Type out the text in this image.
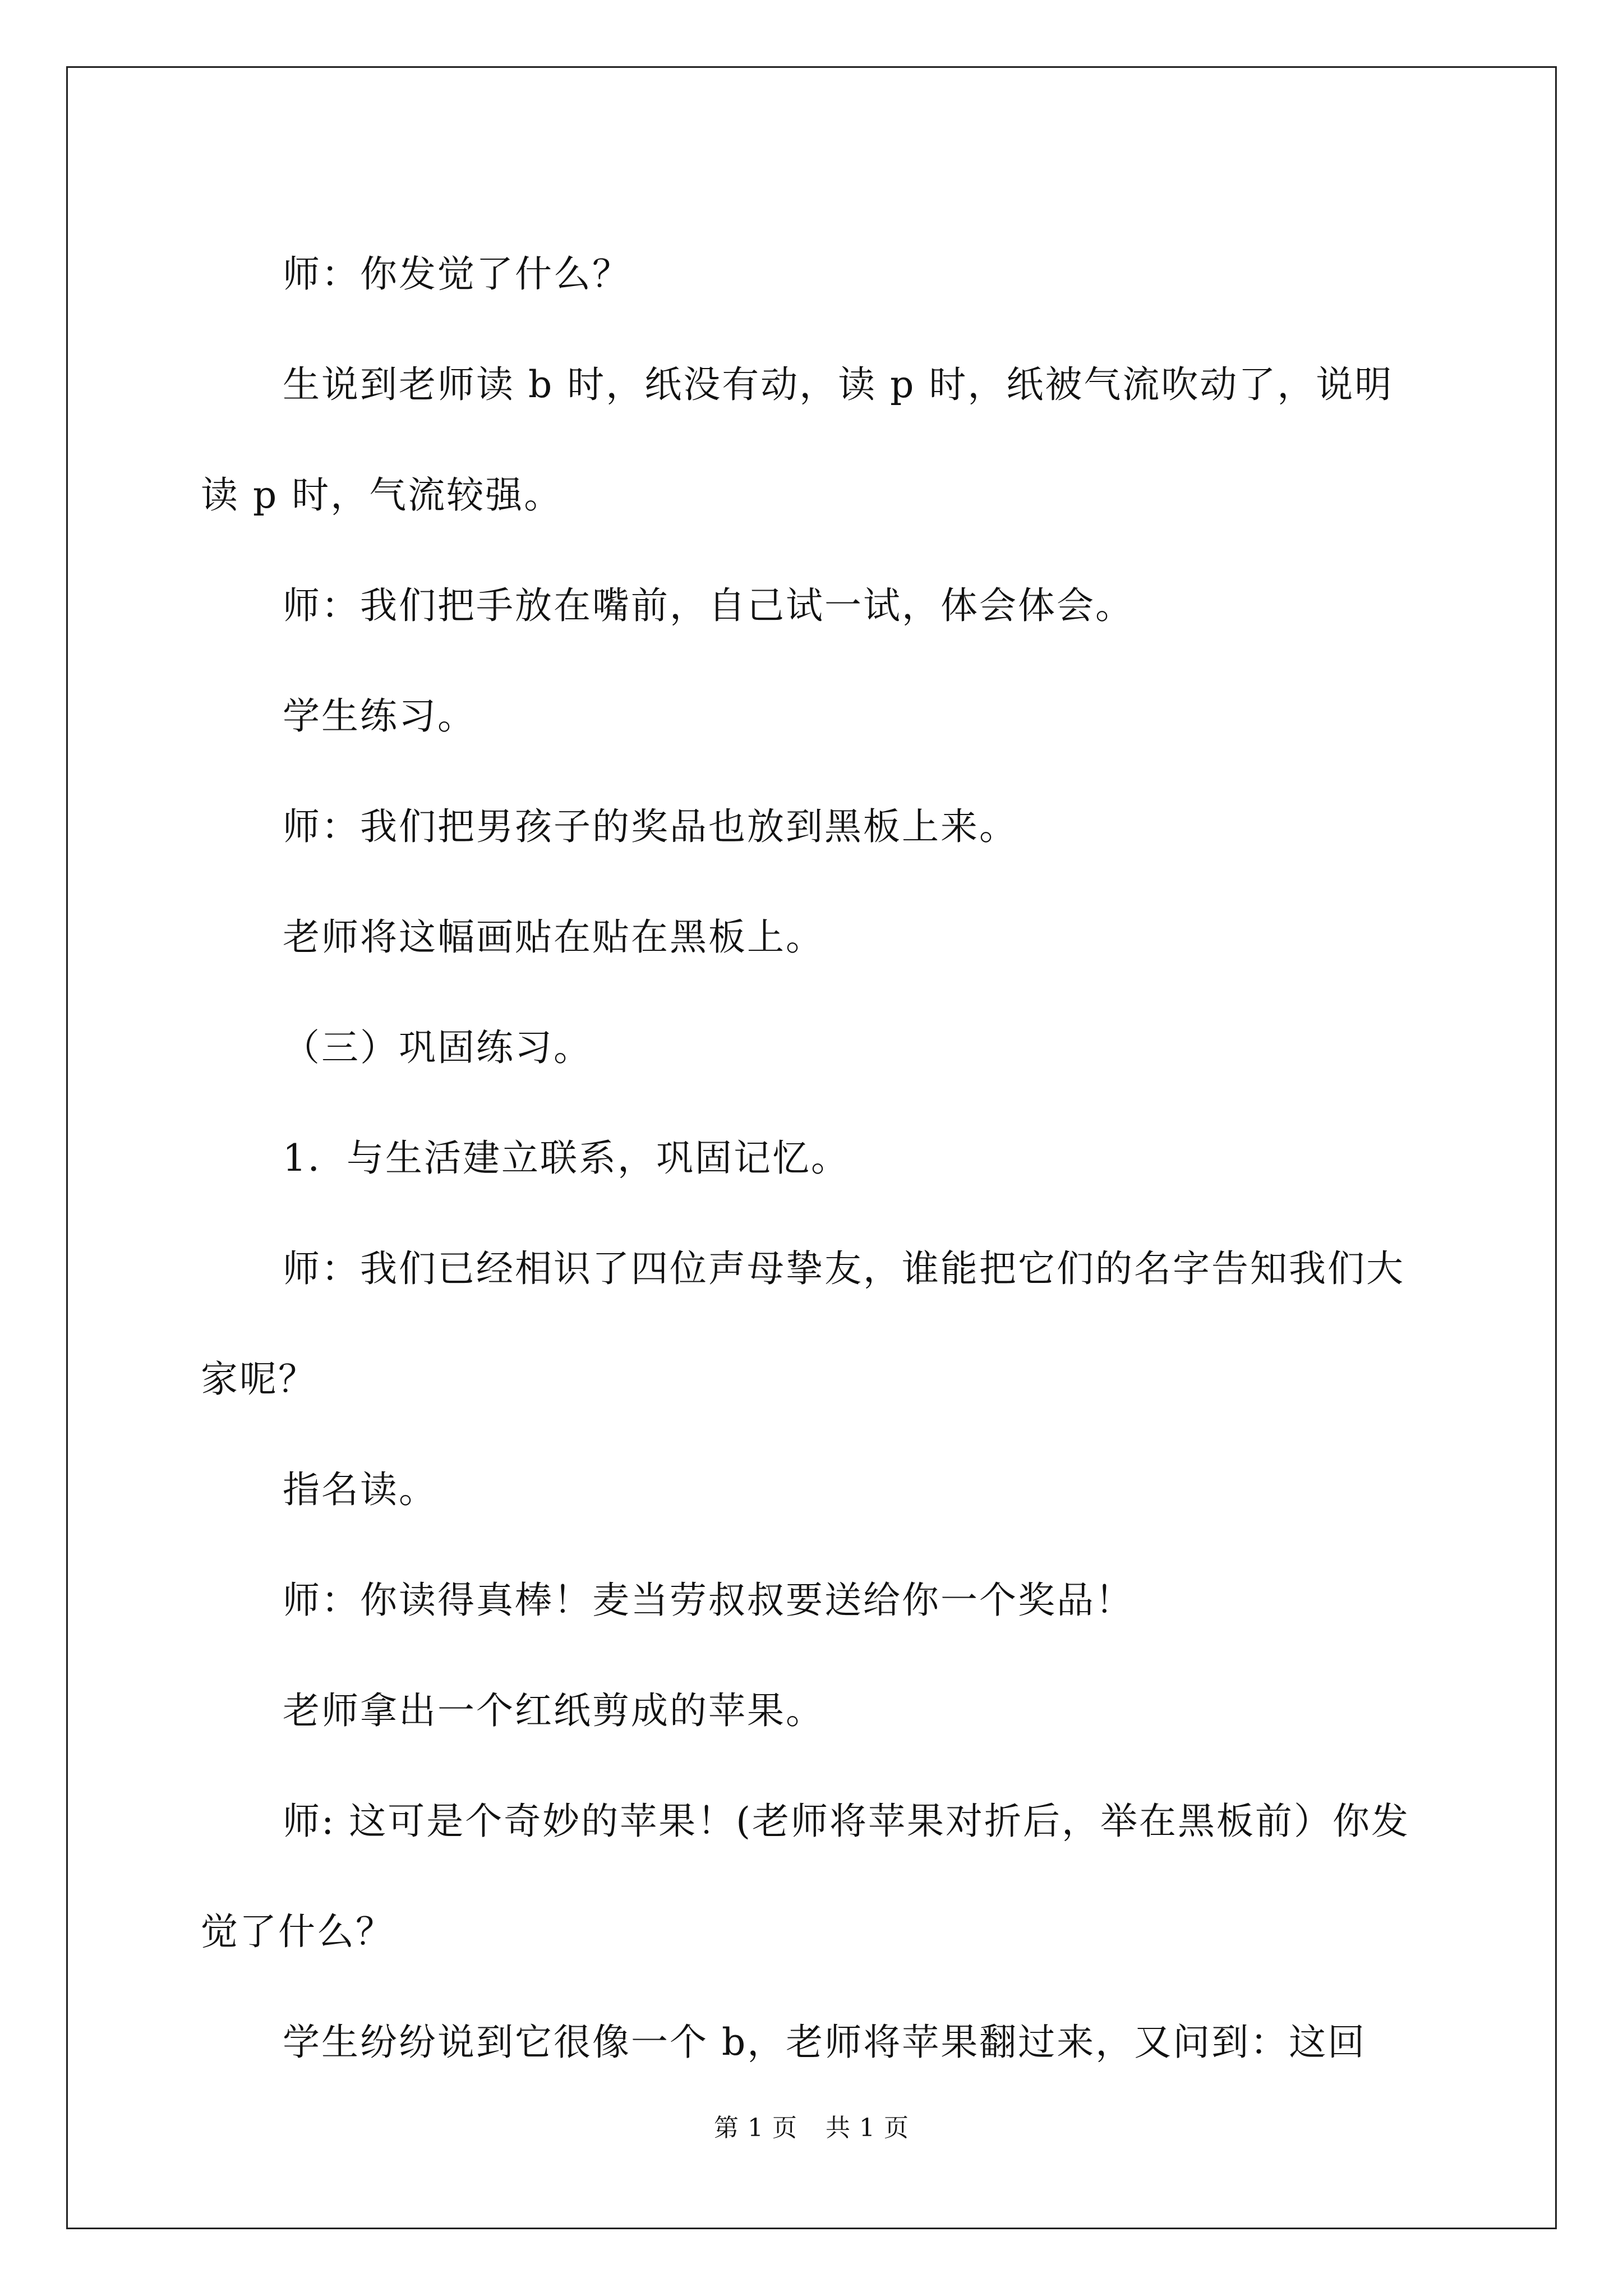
师：你发觉了什么？

生说到老师读 b 时，纸没有动，读 p 时，纸被气流吹动了，说明读 p 时，气流较强。

师：我们把手放在嘴前，自己试一试，体会体会。

学生练习。

师：我们把男孩子的奖品也放到黑板上来。

老师将这幅画贴在贴在黑板上。

（三）巩固练习。

1．与生活建立联系，巩固记忆。

师：我们已经相识了四位声母挚友，谁能把它们的名字告知我们大家呢？

指名读。

师：你读得真棒！麦当劳叔叔要送给你一个奖品！

老师拿出一个红纸剪成的苹果。

师: 这可是个奇妙的苹果！(老师将苹果对折后，举在黑板前）你发觉了什么？

学生纷纷说到它很像一个 b，老师将苹果翻过来，又问到：这回

第 1 页 共 1 页
